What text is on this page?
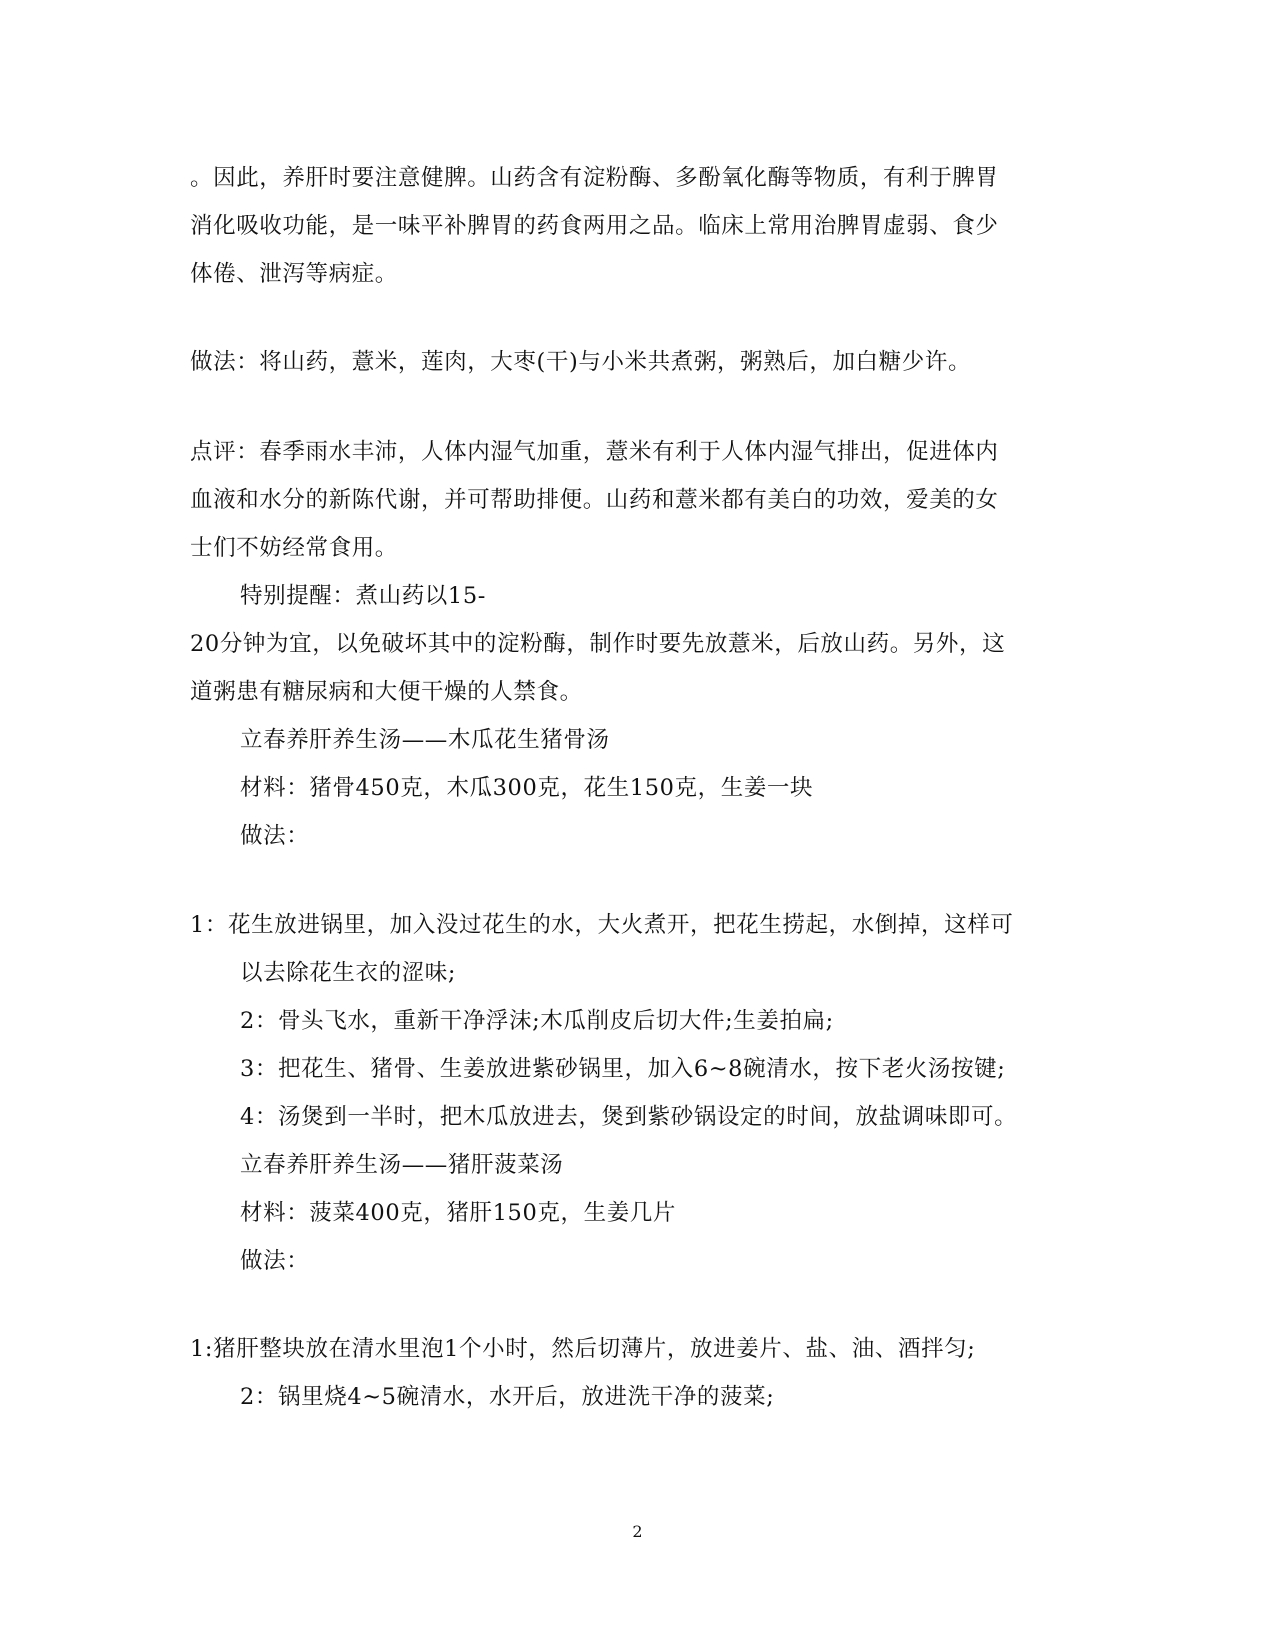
。因此，养肝时要注意健脾。山药含有淀粉酶、多酚氧化酶等物质，有利于脾胃
消化吸收功能，是一味平补脾胃的药食两用之品。临床上常用治脾胃虚弱、食少
体倦、泄泻等病症。
做法：将山药，薏米，莲肉，大枣(干)与小米共煮粥，粥熟后，加白糖少许。
点评：春季雨水丰沛，人体内湿气加重，薏米有利于人体内湿气排出，促进体内
血液和水分的新陈代谢，并可帮助排便。山药和薏米都有美白的功效，爱美的女
士们不妨经常食用。
特别提醒：煮山药以15-
20分钟为宜，以免破坏其中的淀粉酶，制作时要先放薏米，后放山药。另外，这
道粥患有糖尿病和大便干燥的人禁食。
立春养肝养生汤——木瓜花生猪骨汤
材料：猪骨450克，木瓜300克，花生150克，生姜一块
做法：
1：花生放进锅里，加入没过花生的水，大火煮开，把花生捞起，水倒掉，这样可
以去除花生衣的涩味;
2：骨头飞水，重新干净浮沫;木瓜削皮后切大件;生姜拍扁;
3：把花生、猪骨、生姜放进紫砂锅里，加入6~8碗清水，按下老火汤按键;
4：汤煲到一半时，把木瓜放进去，煲到紫砂锅设定的时间，放盐调味即可。
立春养肝养生汤——猪肝菠菜汤
材料：菠菜400克，猪肝150克，生姜几片
做法：
1:猪肝整块放在清水里泡1个小时，然后切薄片，放进姜片、盐、油、酒拌匀;
2：锅里烧4~5碗清水，水开后，放进洗干净的菠菜;
2
